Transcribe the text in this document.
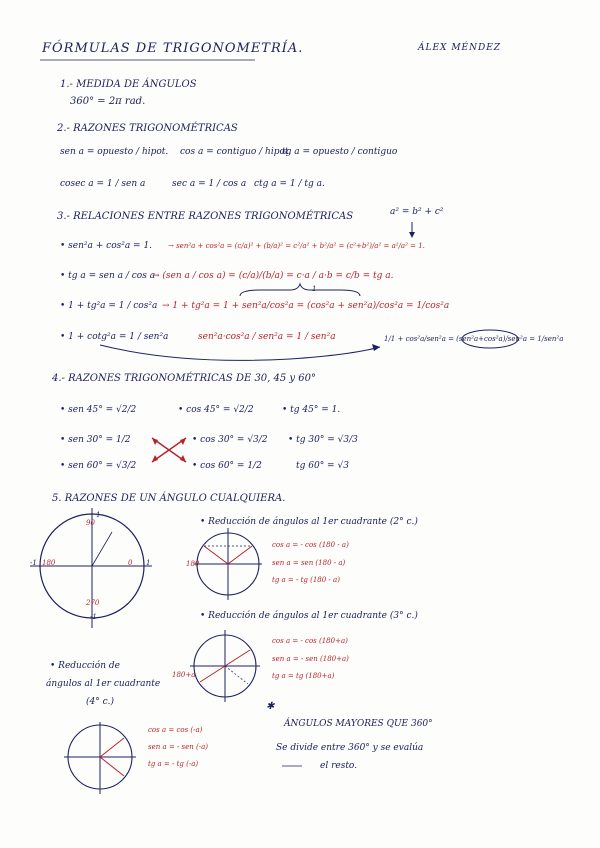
FÓRMULAS DE TRIGONOMETRÍA.	ÁLEX MÉNDEZ
1.- MEDIDA DE ÁNGULOS
360° = 2π rad.
2.- RAZONES TRIGONOMÉTRICAS
sen a = opuesto / hipot. cos a = contiguo / hipot.
tg a = opuesto / contiguo
cosec a = 1 / sen a	sec a = 1 / cos a ctg a = 1 / tg a.
3.- RELACIONES ENTRE RAZONES TRIGONOMÉTRICAS	a² = b² + c²
• sen²a + cos²a = 1. → sen²a + cos²a = (c/a)² + (b/a)² = c²/a² + b²/a² = (c²+b²)/a² = a²/a² = 1.
• tg a = sen a / cos a
→ (sen a / cos a) = (c/a)/(b/a) = c·a / a·b = c/b = tg a.
• 1 + tg²a = 1 / cos²a → 1 + tg²a = 1 + sen²a/cos²a = (cos²a + sen²a)/cos²a = 1/cos²a
1
• 1 + cotg²a = 1 / sen²a	sen²a·cos²a / sen²a = 1 / sen²a	1/1 + cos²a/sen²a = (sen²a+cos²a)/sen²a = 1/sen²a
4.- RAZONES TRIGONOMÉTRICAS DE 30, 45 y 60°
• sen 45° = √2/2	• cos 45° = √2/2	• tg 45° = 1.
• sen 30° = 1/2	• cos 30° = √3/2 • tg 30° = √3/3
• sen 60° = √3/2	• cos 60° = 1/2	tg 60° = √3
5. RAZONES DE UN ÁNGULO CUALQUIERA.
90
1
-1 180	0 1
270
-1
• Reducción de ángulos al 1er cuadrante (2° c.)
180
cos a = - cos (180 - a)
sen a = sen (180 - a)
tg a = - tg (180 - a)
• Reducción de ángulos al 1er cuadrante (3° c.)
180+a
cos a = - cos (180+a)
sen a = - sen (180+a)
tg a = tg (180+a)
• Reducción de
ángulos al 1er cuadrante
(4° c.)
cos a = cos (-a)
sen a = - sen (-a)
tg a = - tg (-a)
✱
ÁNGULOS MAYORES QUE 360°
Se divide entre 360° y se evalúa
el resto.
